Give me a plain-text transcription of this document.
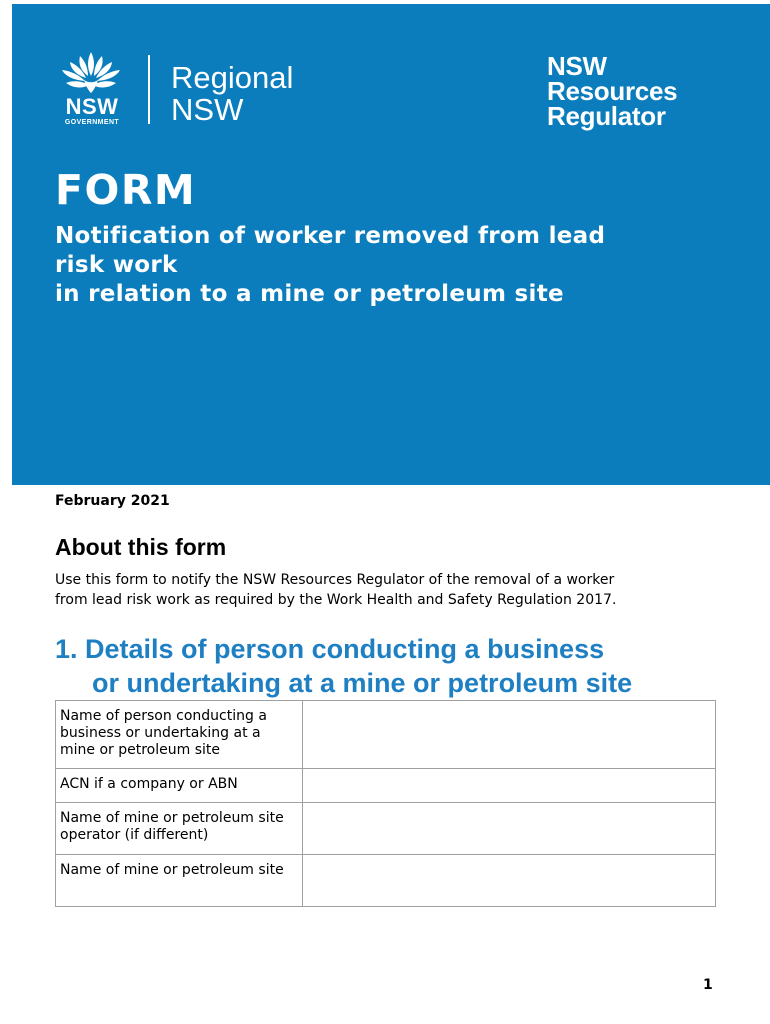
NSW
GOVERNMENT
Regional
NSW
NSW
Resources
Regulator
FORM
Notification of worker removed from lead
risk work
in relation to a mine or petroleum site
February 2021
About this form
Use this form to notify the NSW Resources Regulator of the removal of a worker
from lead risk work as required by the Work Health and Safety Regulation 2017.
1. Details of person conducting a business
or undertaking at a mine or petroleum site
Name of person conducting a business or undertaking at a mine or petroleum site	
ACN if a company or ABN	
Name of mine or petroleum site operator (if different)	
Name of mine or petroleum site	
1
